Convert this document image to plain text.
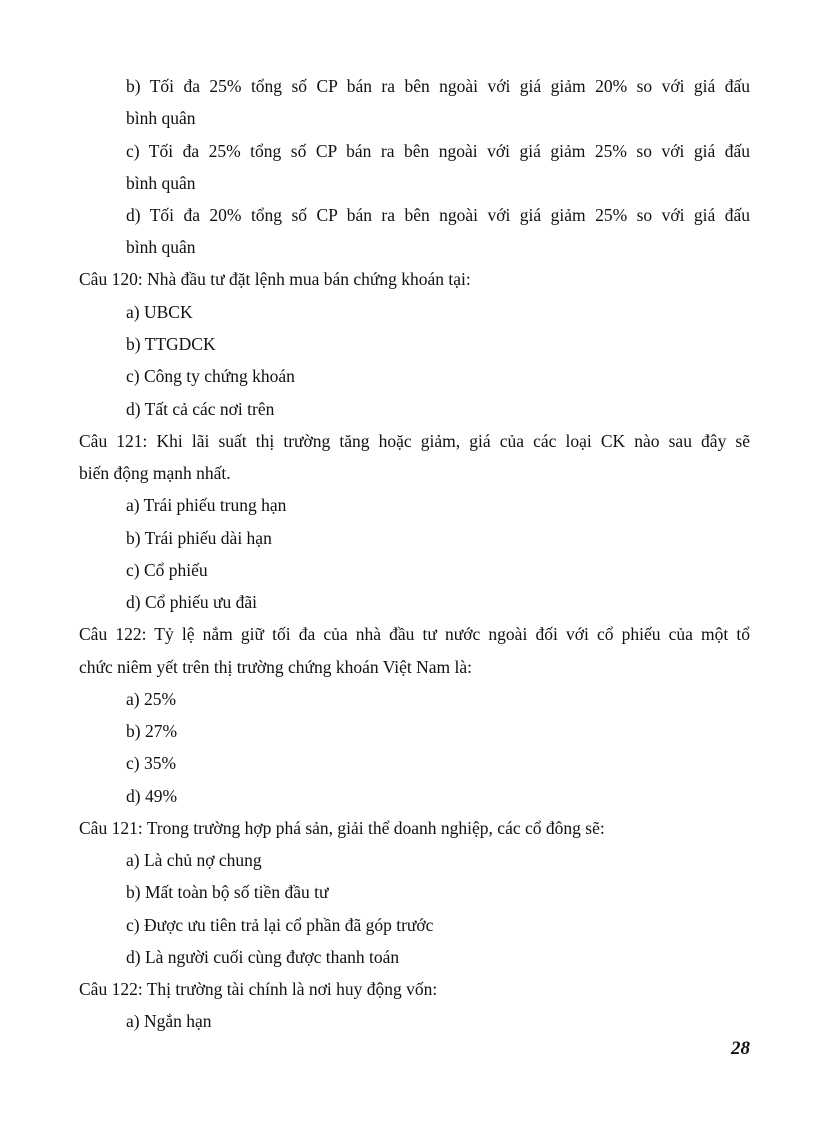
b) Tối đa 25% tổng số CP bán ra bên ngoài với giá giảm 20% so với giá đấu
bình quân
c) Tối đa 25% tổng số CP bán ra bên ngoài với giá giảm 25% so với giá đấu
bình quân
d) Tối đa 20% tổng số CP bán ra bên ngoài với giá giảm 25% so với giá đấu
bình quân
Câu 120: Nhà đầu tư đặt lệnh mua bán chứng khoán tại:
a) UBCK
b) TTGDCK
c) Công ty chứng khoán
d) Tất cả các nơi trên
Câu 121: Khi lãi suất thị trường tăng hoặc giảm, giá của các loại CK nào sau đây sẽ
biến động mạnh nhất.
a) Trái phiếu trung hạn
b) Trái phiếu dài hạn
c) Cổ phiếu
d) Cổ phiếu ưu đãi
Câu 122: Tỷ lệ nắm giữ tối đa của nhà đầu tư nước ngoài đối với cổ phiếu của một tổ
chức niêm yết trên thị trường chứng khoán Việt Nam là:
a) 25%
b) 27%
c) 35%
d) 49%
Câu 121: Trong trường hợp phá sản, giải thể doanh nghiệp, các cổ đông sẽ:
a) Là chủ nợ chung
b) Mất toàn bộ số tiền đầu tư
c) Được ưu tiên trả lại cổ phần đã góp trước
d) Là người cuối cùng được thanh toán
Câu 122: Thị trường tài chính là nơi huy động vốn:
a) Ngắn hạn
28
